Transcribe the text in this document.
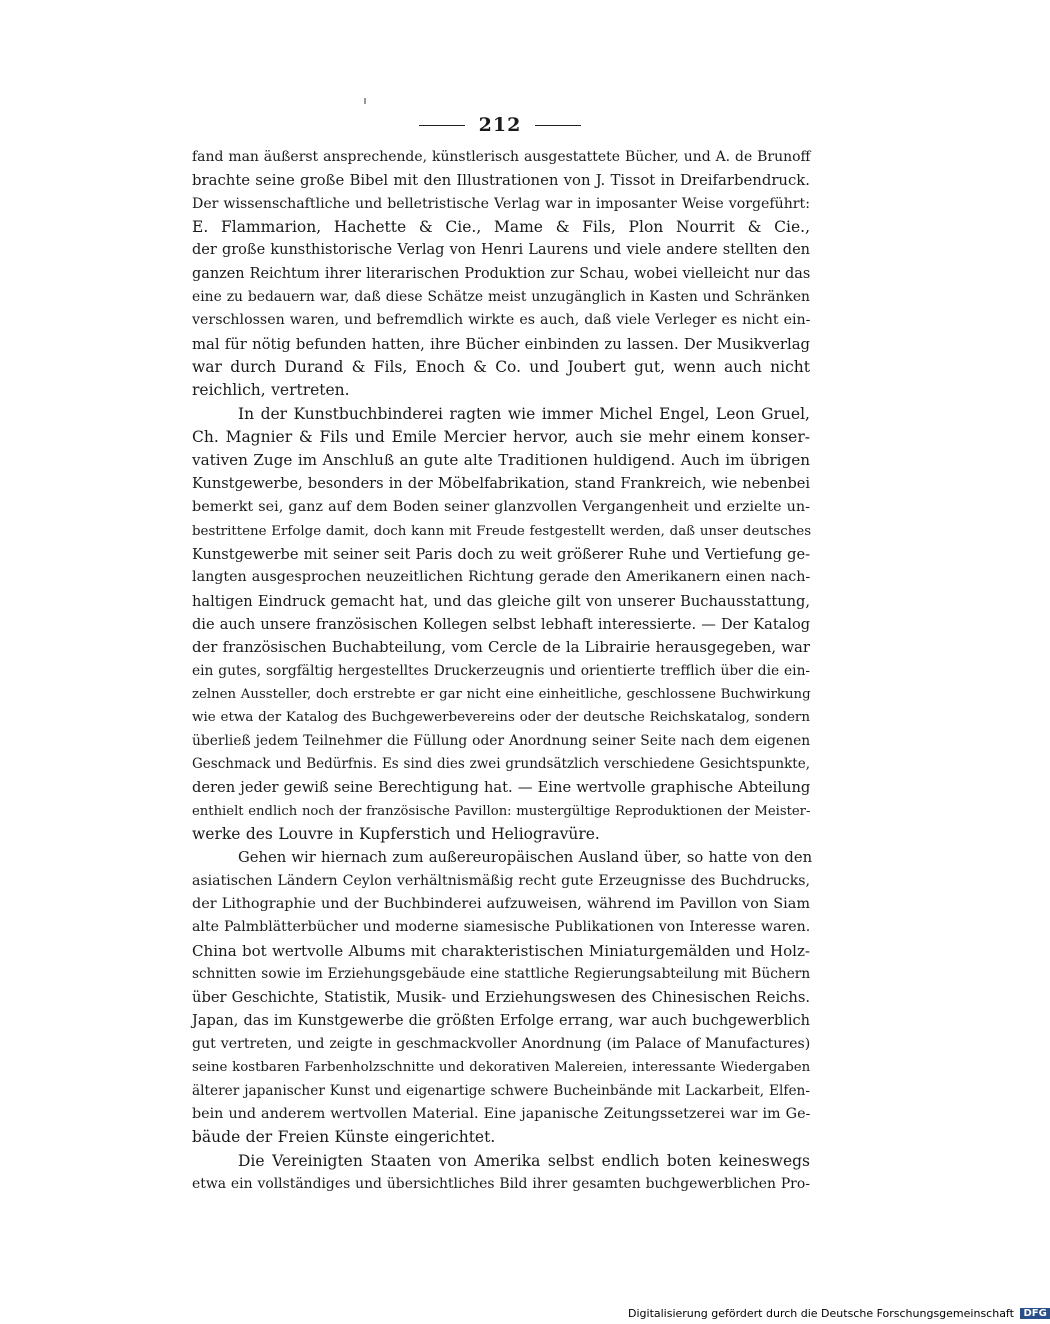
212
fand man äußerst ansprechende, künstlerisch ausgestattete Bücher, und A. de Brunoff
brachte seine große Bibel mit den Illustrationen von J. Tissot in Dreifarbendruck.
Der wissenschaftliche und belletristische Verlag war in imposanter Weise vorgeführt:
E. Flammarion, Hachette & Cie., Mame & Fils, Plon Nourrit & Cie.,
der große kunsthistorische Verlag von Henri Laurens und viele andere stellten den
ganzen Reichtum ihrer literarischen Produktion zur Schau, wobei vielleicht nur das
eine zu bedauern war, daß diese Schätze meist unzugänglich in Kasten und Schränken
verschlossen waren, und befremdlich wirkte es auch, daß viele Verleger es nicht ein-
mal für nötig befunden hatten, ihre Bücher einbinden zu lassen. Der Musikverlag
war durch Durand & Fils, Enoch & Co. und Joubert gut, wenn auch nicht
reichlich, vertreten.
In der Kunstbuchbinderei ragten wie immer Michel Engel, Leon Gruel,
Ch. Magnier & Fils und Emile Mercier hervor, auch sie mehr einem konser-
vativen Zuge im Anschluß an gute alte Traditionen huldigend. Auch im übrigen
Kunstgewerbe, besonders in der Möbelfabrikation, stand Frankreich, wie nebenbei
bemerkt sei, ganz auf dem Boden seiner glanzvollen Vergangenheit und erzielte un-
bestrittene Erfolge damit, doch kann mit Freude festgestellt werden, daß unser deutsches
Kunstgewerbe mit seiner seit Paris doch zu weit größerer Ruhe und Vertiefung ge-
langten ausgesprochen neuzeitlichen Richtung gerade den Amerikanern einen nach-
haltigen Eindruck gemacht hat, und das gleiche gilt von unserer Buchausstattung,
die auch unsere französischen Kollegen selbst lebhaft interessierte. — Der Katalog
der französischen Buchabteilung, vom Cercle de la Librairie herausgegeben, war
ein gutes, sorgfältig hergestelltes Druckerzeugnis und orientierte trefflich über die ein-
zelnen Aussteller, doch erstrebte er gar nicht eine einheitliche, geschlossene Buchwirkung
wie etwa der Katalog des Buchgewerbevereins oder der deutsche Reichskatalog, sondern
überließ jedem Teilnehmer die Füllung oder Anordnung seiner Seite nach dem eigenen
Geschmack und Bedürfnis. Es sind dies zwei grundsätzlich verschiedene Gesichtspunkte,
deren jeder gewiß seine Berechtigung hat. — Eine wertvolle graphische Abteilung
enthielt endlich noch der französische Pavillon: mustergültige Reproduktionen der Meister-
werke des Louvre in Kupferstich und Heliogravüre.
Gehen wir hiernach zum außereuropäischen Ausland über, so hatte von den
asiatischen Ländern Ceylon verhältnismäßig recht gute Erzeugnisse des Buchdrucks,
der Lithographie und der Buchbinderei aufzuweisen, während im Pavillon von Siam
alte Palmblätterbücher und moderne siamesische Publikationen von Interesse waren.
China bot wertvolle Albums mit charakteristischen Miniaturgemälden und Holz-
schnitten sowie im Erziehungsgebäude eine stattliche Regierungsabteilung mit Büchern
über Geschichte, Statistik, Musik- und Erziehungswesen des Chinesischen Reichs.
Japan, das im Kunstgewerbe die größten Erfolge errang, war auch buchgewerblich
gut vertreten, und zeigte in geschmackvoller Anordnung (im Palace of Manufactures)
seine kostbaren Farbenholzschnitte und dekorativen Malereien, interessante Wiedergaben
älterer japanischer Kunst und eigenartige schwere Bucheinbände mit Lackarbeit, Elfen-
bein und anderem wertvollen Material. Eine japanische Zeitungssetzerei war im Ge-
bäude der Freien Künste eingerichtet.
Die Vereinigten Staaten von Amerika selbst endlich boten keineswegs
etwa ein vollständiges und übersichtliches Bild ihrer gesamten buchgewerblichen Pro-
Digitalisierung gefördert durch die Deutsche Forschungsgemeinschaft DFG
